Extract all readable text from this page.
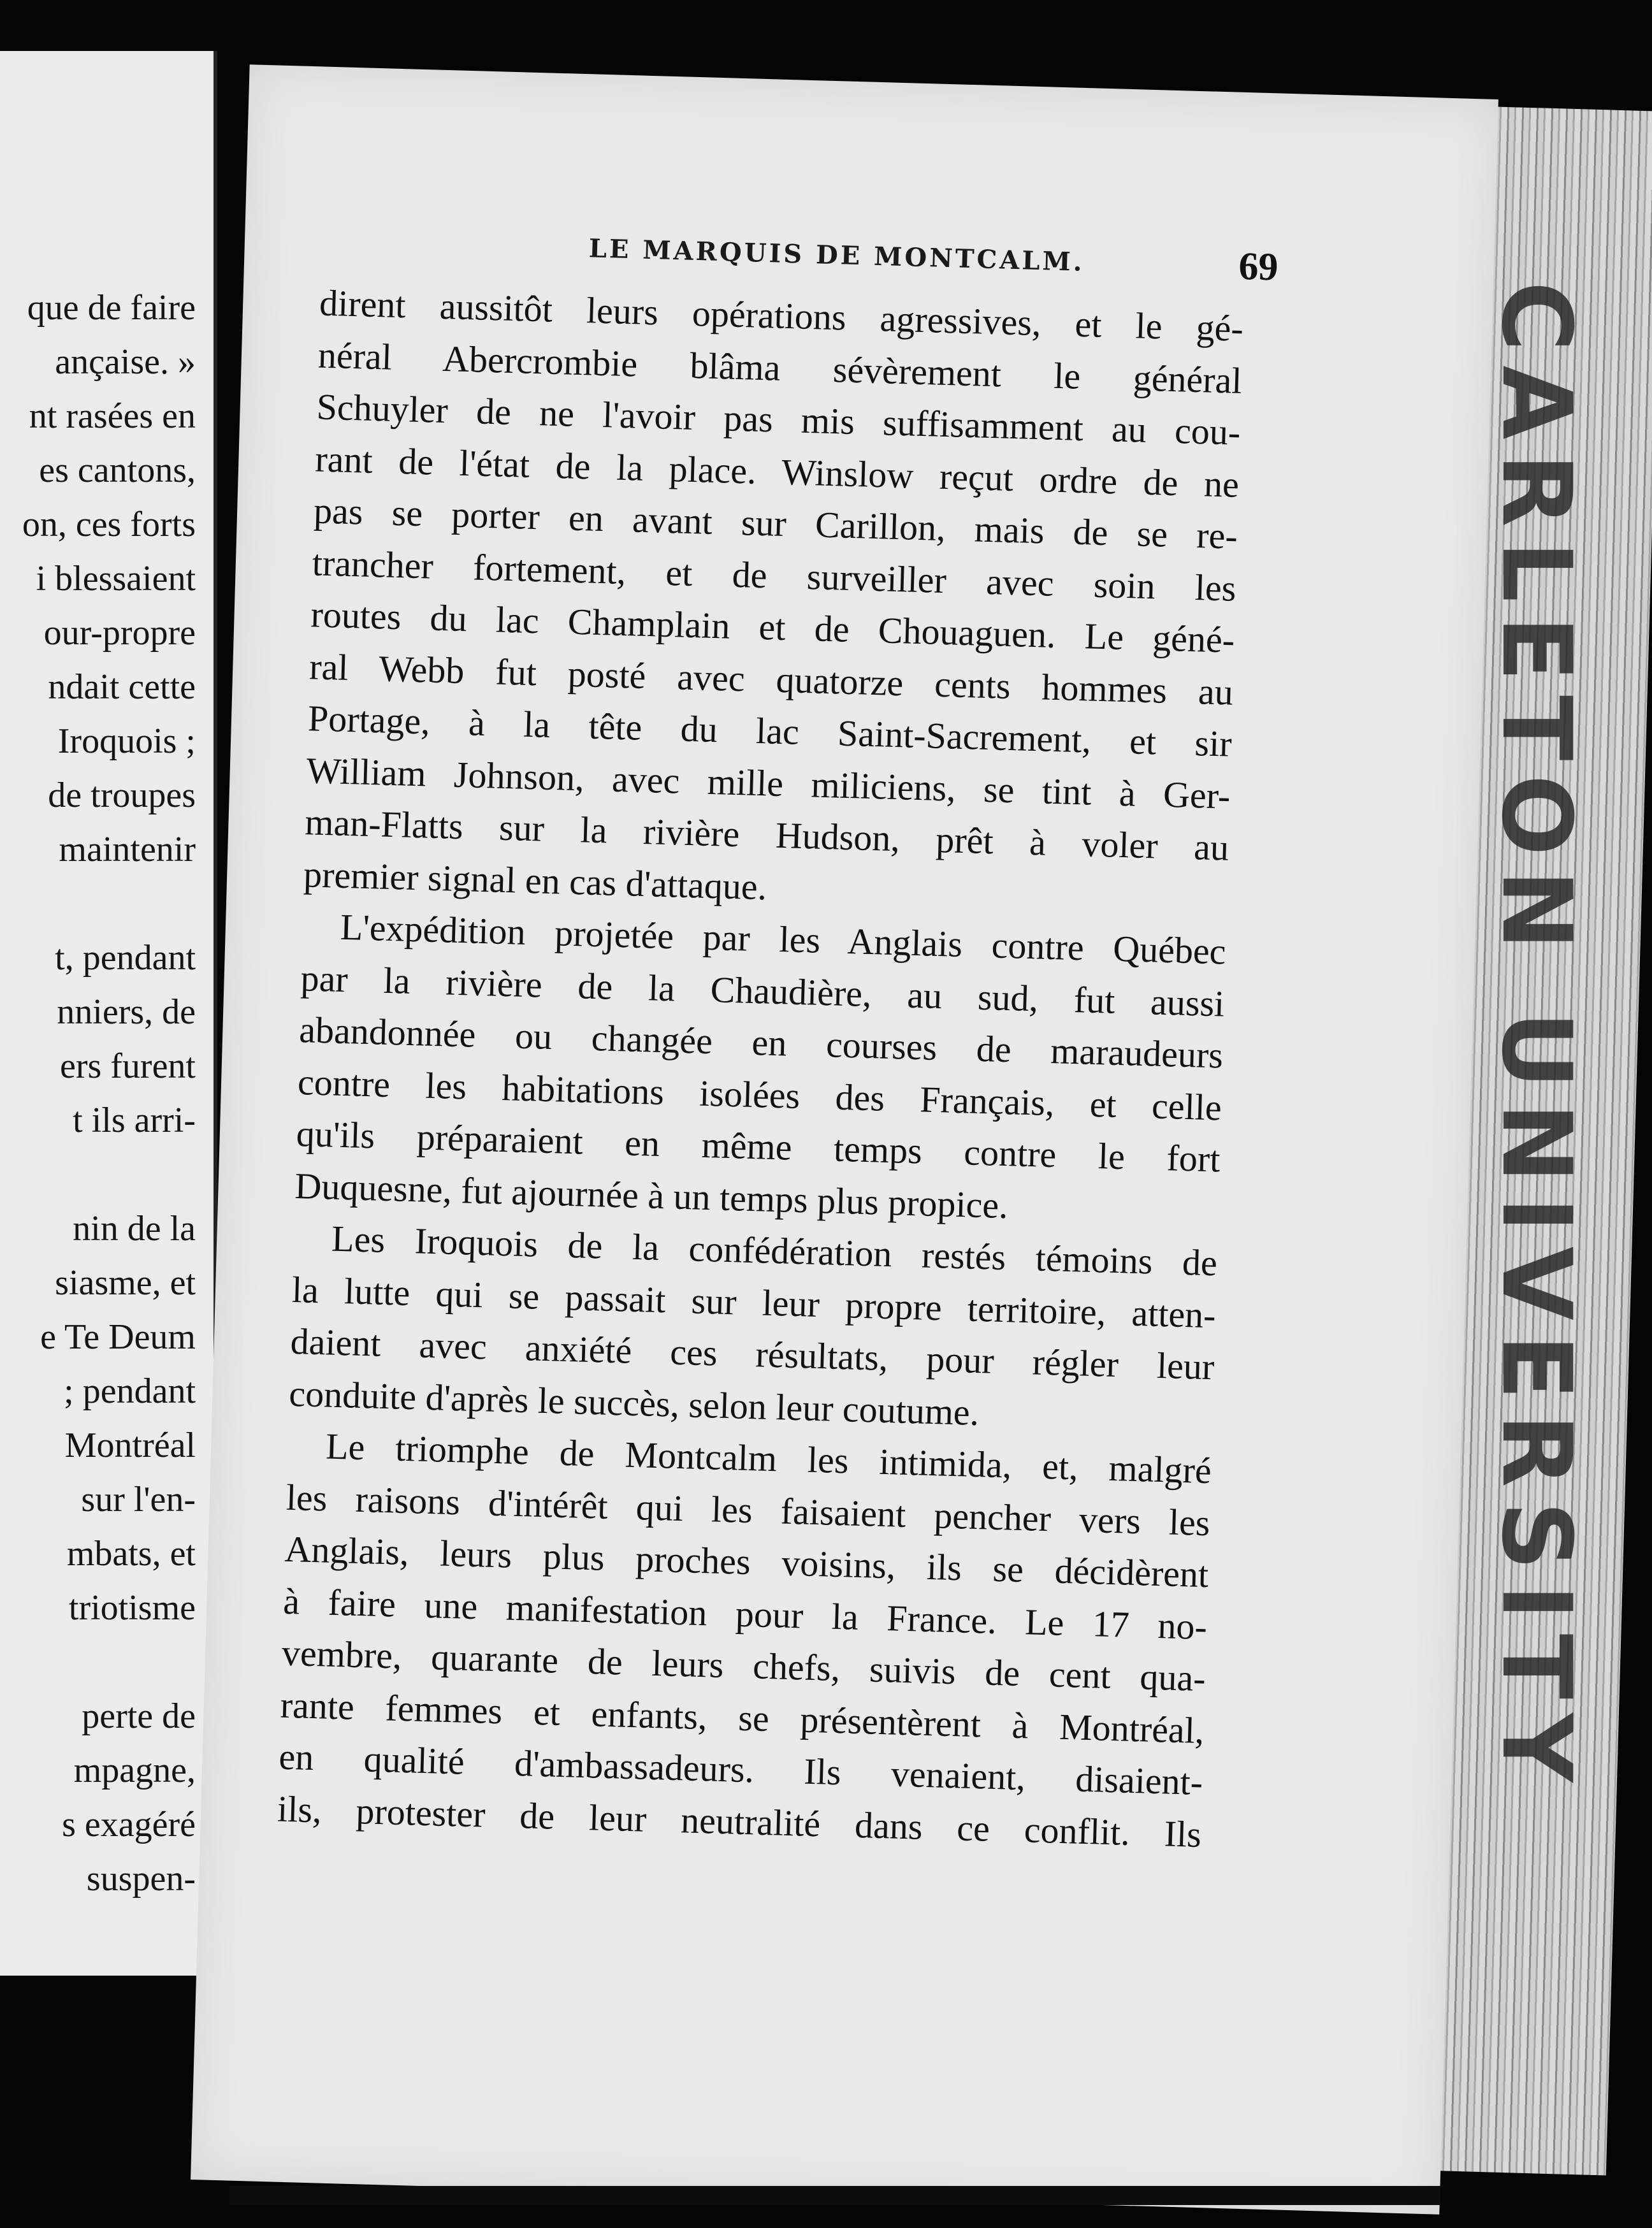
que de faire
ançaise. »
nt rasées en
es cantons,
on, ces forts
i blessaient
our-propre
ndait cette
Iroquois ;
de troupes
maintenir
t, pendant
nniers, de
ers furent
t ils arri-
nin de la
siasme, et
e Te Deum
; pendant
Montréal
sur l'en-
mbats, et
triotisme
perte de
mpagne,
s exagéré
suspen-
CARLETON UNIVERSITY
LE MARQUIS DE MONTCALM.	69
dirent aussitôt leurs opérations agressives, et le gé-
néral Abercrombie blâma sévèrement le général
Schuyler de ne l'avoir pas mis suffisamment au cou-
rant de l'état de la place. Winslow reçut ordre de ne
pas se porter en avant sur Carillon, mais de se re-
trancher fortement, et de surveiller avec soin les
routes du lac Champlain et de Chouaguen. Le géné-
ral Webb fut posté avec quatorze cents hommes au
Portage, à la tête du lac Saint-Sacrement, et sir
William Johnson, avec mille miliciens, se tint à Ger-
man-Flatts sur la rivière Hudson, prêt à voler au
premier signal en cas d'attaque.
L'expédition projetée par les Anglais contre Québec
par la rivière de la Chaudière, au sud, fut aussi
abandonnée ou changée en courses de maraudeurs
contre les habitations isolées des Français, et celle
qu'ils préparaient en même temps contre le fort
Duquesne, fut ajournée à un temps plus propice.
Les Iroquois de la confédération restés témoins de
la lutte qui se passait sur leur propre territoire, atten-
daient avec anxiété ces résultats, pour régler leur
conduite d'après le succès, selon leur coutume.
Le triomphe de Montcalm les intimida, et, malgré
les raisons d'intérêt qui les faisaient pencher vers les
Anglais, leurs plus proches voisins, ils se décidèrent
à faire une manifestation pour la France. Le 17 no-
vembre, quarante de leurs chefs, suivis de cent qua-
rante femmes et enfants, se présentèrent à Montréal,
en qualité d'ambassadeurs. Ils venaient, disaient-
ils, protester de leur neutralité dans ce conflit. Ils
